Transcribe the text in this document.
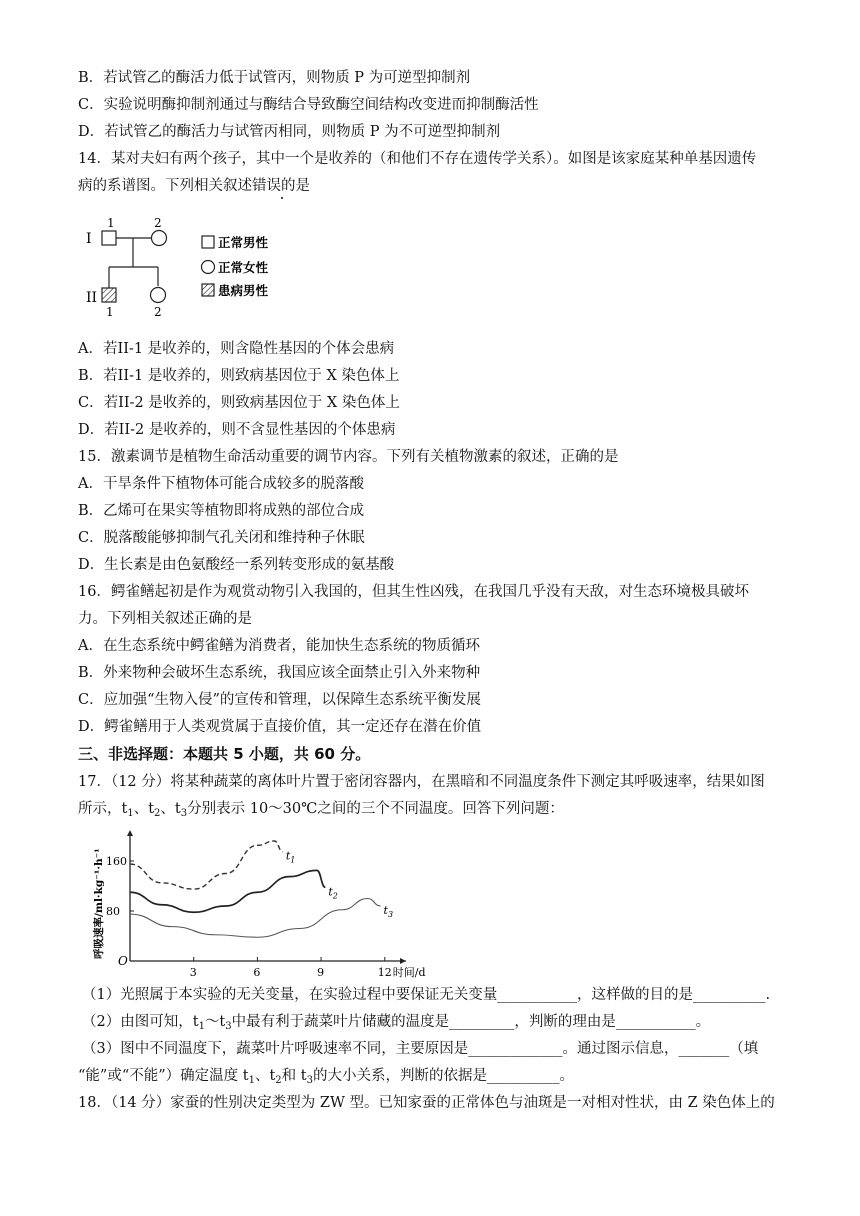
B．若试管乙的酶活力低于试管丙，则物质 P 为可逆型抑制剂
C．实验说明酶抑制剂通过与酶结合导致酶空间结构改变进而抑制酶活性
D．若试管乙的酶活力与试管丙相同，则物质 P 为不可逆型抑制剂
14．某对夫妇有两个孩子，其中一个是收养的（和他们不存在遗传学关系）。如图是该家庭某种单基因遗传
病的系谱图。下列相关叙述错误的是
I
II
1	2
1	2
正常男性
正常女性
患病男性
A．若II-1 是收养的，则含隐性基因的个体会患病
B．若II-1 是收养的，则致病基因位于 X 染色体上
C．若II-2 是收养的，则致病基因位于 X 染色体上
D．若II-2 是收养的，则不含显性基因的个体患病
15．激素调节是植物生命活动重要的调节内容。下列有关植物激素的叙述，正确的是
A．干旱条件下植物体可能合成较多的脱落酸
B．乙烯可在果实等植物即将成熟的部位合成
C．脱落酸能够抑制气孔关闭和维持种子休眠
D．生长素是由色氨酸经一系列转变形成的氨基酸
16．鳄雀鳝起初是作为观赏动物引入我国的，但其生性凶残，在我国几乎没有天敌，对生态环境极具破坏
力。下列相关叙述正确的是
A．在生态系统中鳄雀鳝为消费者，能加快生态系统的物质循环
B．外来物种会破坏生态系统，我国应该全面禁止引入外来物种
C．应加强“生物入侵”的宣传和管理，以保障生态系统平衡发展
D．鳄雀鳝用于人类观赏属于直接价值，其一定还存在潜在价值
三、非选择题：本题共 5 小题，共 60 分。
17．（12 分）将某种蔬菜的离体叶片置于密闭容器内，在黑暗和不同温度条件下测定其呼吸速率，结果如图
所示，$t_1$、$t_2$、$t_3$分别表示 10～30℃之间的三个不同温度。回答下列问题：
O
3	6	9	12 时间/d
80
160
呼吸速率/ml·kg⁻¹·h⁻¹	$t_1$
$t_2$
$t_3$
（1）光照属于本实验的无关变量，在实验过程中要保证无关变量___________，这样做的目的是__________.
（2）由图可知，$t_1\sim t_3$中最有利于蔬菜叶片储藏的温度是_________，判断的理由是___________。
（3）图中不同温度下，蔬菜叶片呼吸速率不同，主要原因是_____________。通过图示信息，_______（填
“能”或“不能”）确定温度 $t_1$、$t_2$和 $t_3$的大小关系，判断的依据是__________。
18．（14 分）家蚕的性别决定类型为 ZW 型。已知家蚕的正常体色与油斑是一对相对性状，由 Z 染色体上的
